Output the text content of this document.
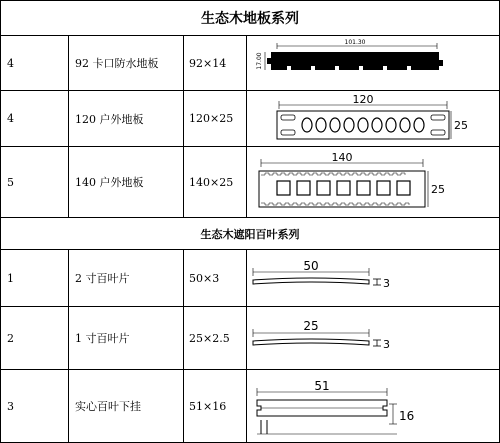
生态木地板系列
4	92 卡口防水地板	92×14
101.30
17.00
4	120 户外地板	120×25
120
25
5	140 户外地板	140×25
140
25
生态木遮阳百叶系列
1	2 寸百叶片	50×3
50
3
2	1 寸百叶片	25×2.5
25
3
3	实心百叶下挂	51×16
51
16
